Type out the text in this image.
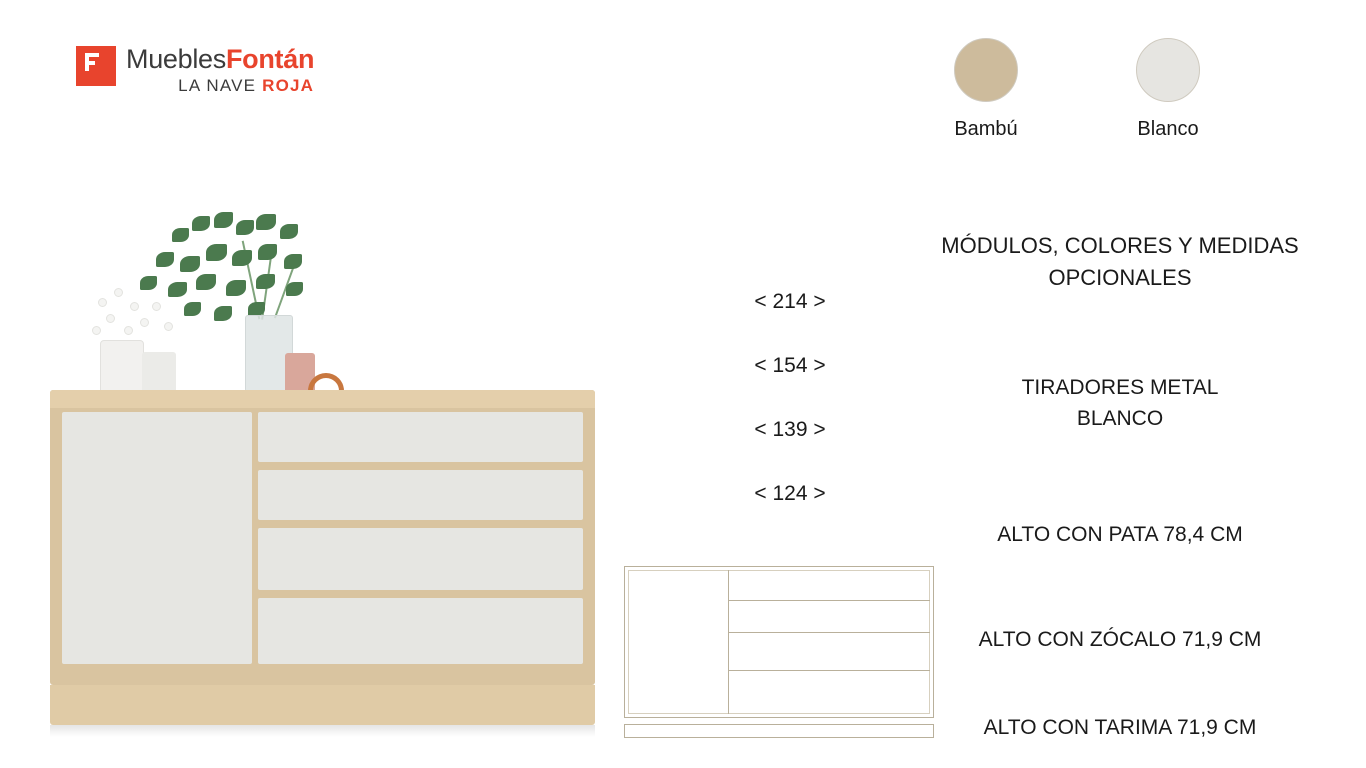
MueblesFontán
LA NAVE ROJA
Bambú	Blanco
< 214 >
< 154 >
< 139 >
< 124 >
MÓDULOS, COLORES Y MEDIDAS
OPCIONALES
TIRADORES METAL
BLANCO
ALTO CON PATA 78,4 CM
ALTO CON ZÓCALO 71,9 CM
ALTO CON TARIMA 71,9 CM
